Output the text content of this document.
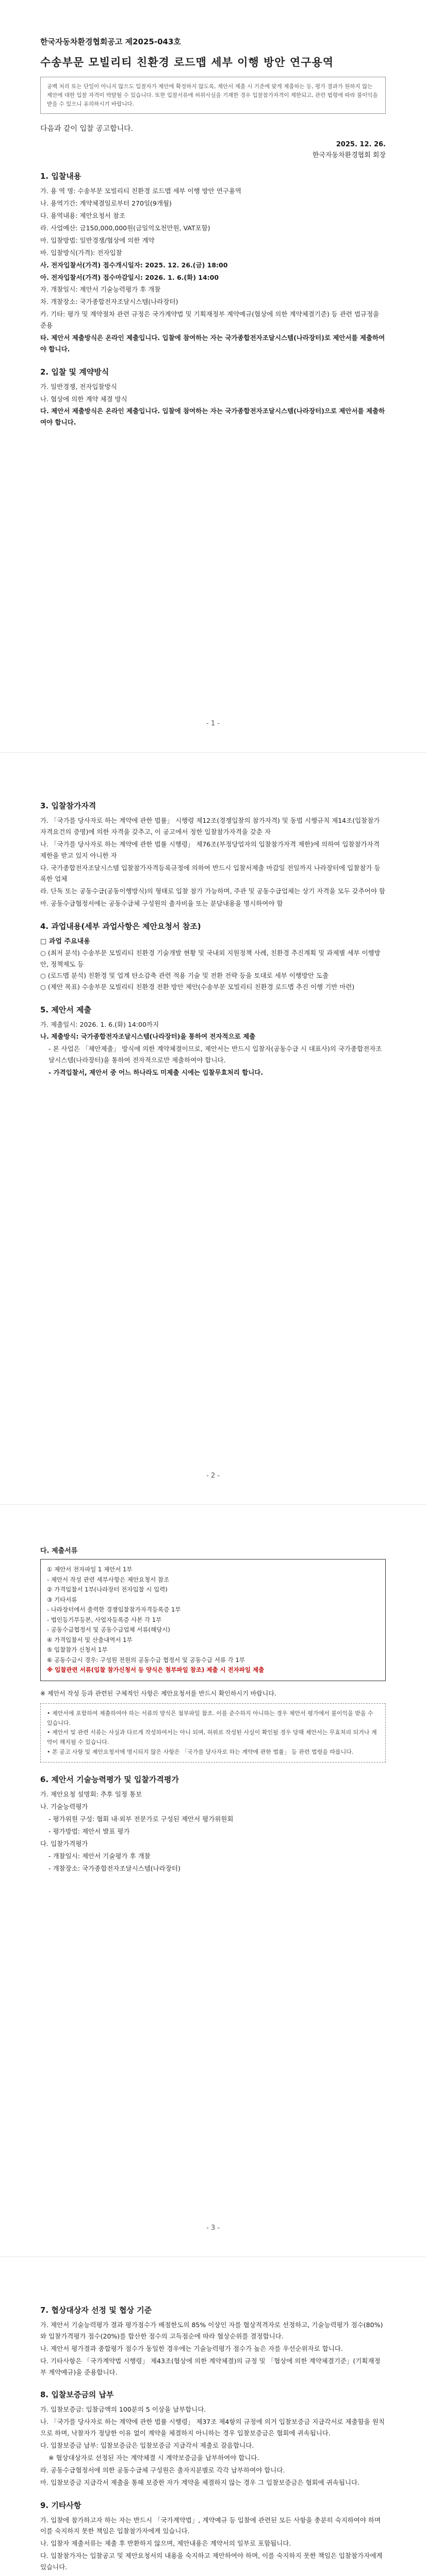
한국자동차환경협회공고 제2025-043호
수송부문 모빌리티 친환경 로드맵 세부 이행 방안 연구용역
공백 처리 또는 단일이 아니지 않으도 입찰자가 제안에 확정하지 않도록, 제안서 제출 시 기준에 맞게 제출하는 등, 평가 결과가 원하지 않는 제안에 대한 입찰 자격이 박탈될 수 있습니다. 또한 입찰서류에 허위사실을 기재한 경우 입찰참가자격이 제한되고, 관련 법령에 따라 불이익을 받을 수 있으니 유의하시기 바랍니다.
다음과 같이 입찰 공고합니다.
2025. 12. 26.
한국자동차환경협회 회장
1. 입찰내용
가. 용 역 명: 수송부문 모빌리티 친환경 로드맵 세부 이행 방안 연구용역
나. 용역기간: 계약체결일로부터 270일(9개월)
다. 용역내용: 제안요청서 참조
라. 사업예산: 금150,000,000원(금일억오천만원, VAT포함)
마. 입찰방법: 일반경쟁/협상에 의한 계약
바. 입찰방식(가격): 전자입찰
사. 전자입찰서(가격) 접수개시일자: 2025. 12. 26.(금) 18:00
아. 전자입찰서(가격) 접수마감일시: 2026. 1. 6.(화) 14:00
자. 개찰일시: 제안서 기술능력평가 후 개찰
차. 개찰장소: 국가종합전자조달시스템(나라장터)
카. 기타: 평가 및 계약절차 관련 규정은 국가계약법 및 기획재정부 계약예규(협상에 의한 계약체결기준) 등 관련 법규정을 준용
타. 제안서 제출방식은 온라인 제출입니다. 입찰에 참여하는 자는 국가종합전자조달시스템(나라장터)로 제안서를 제출하여야 합니다.
2. 입찰 및 계약방식
가. 일반경쟁, 전자입찰방식
나. 협상에 의한 계약 체결 방식
다. 제안서 제출방식은 온라인 제출입니다. 입찰에 참여하는 자는 국가종합전자조달시스템(나라장터)으로 제안서를 제출하여야 합니다.
- 1 -
3. 입찰참가자격
가. 「국가를 당사자로 하는 계약에 관한 법률」 시행령 제12조(경쟁입찰의 참가자격) 및 동법 시행규칙 제14조(입찰참가자격요건의 증명)에 의한 자격을 갖추고, 이 공고에서 정한 입찰참가자격을 갖춘 자
나. 「국가를 당사자로 하는 계약에 관한 법률 시행령」 제76조(부정당업자의 입찰참가자격 제한)에 의하여 입찰참가자격 제한을 받고 있지 아니한 자
다. 국가종합전자조달시스템 입찰참가자격등록규정에 의하여 반드시 입찰서제출 마감일 전일까지 나라장터에 입찰참가 등록한 업체
라. 단독 또는 공동수급(공동이행방식)의 형태로 입찰 참가 가능하며, 주관 및 공동수급업체는 상기 자격을 모두 갖추어야 함
마. 공동수급협정서에는 공동수급체 구성원의 출자비율 또는 분담내용을 명시하여야 함
4. 과업내용(세부 과업사항은 제안요청서 참조)
□ 과업 주요내용
○ (최저 분석) 수송부문 모빌리티 친환경 기술개발 현황 및 국내외 지원정책 사례, 친환경 추진계획 및 과제별 세부 이행방안, 정책제도 등
○ (로드맵 분석) 친환경 및 업계 탄소감축 관련 적용 기술 및 전환 전략 등을 토대로 세부 이행방안 도출
○ (제안 목표) 수송부문 모빌리티 친환경 전환 방안 제안(수송부문 모빌리티 친환경 로드맵 추진 이행 기반 마련)
5. 제안서 제출
가. 제출일시: 2026. 1. 6.(화) 14:00까지
나. 제출방식: 국가종합전자조달시스템(나라장터)을 통하여 전자적으로 제출
- 본 사업은 「제안제출」 방식에 의한 계약체결이므로, 제안서는 반드시 입찰자(공동수급 시 대표사)의 국가종합전자조달시스템(나라장터)을 통하여 전자적으로만 제출하여야 합니다.
- 가격입찰서, 제안서 중 어느 하나라도 미제출 시에는 입찰무효처리 합니다.
- 2 -
다. 제출서류
① 제안서 전자파일 1 제안서 1부
- 제안서 작성 관련 세부사항은 제안요청서 참조
② 가격입찰서 1부(나라장터 전자입찰 시 입력)
③ 기타서류
- 나라장터에서 출력한 경쟁입찰참가자격등록증 1부
- 법인등기부등본, 사업자등록증 사본 각 1부
- 공동수급협정서 및 공동수급업체 서류(해당시)
④ 가격입찰서 및 산출내역서 1부
⑤ 입찰참가 신청서 1부
⑥ 공동수급시 경우: 구성원 전원의 공동수급 협정서 및 공동수급 서류 각 1부
※ 입찰관련 서류(입찰 참가신청서 등 양식은 첨부파일 참조) 제출 시 전자파일 제출
※ 제안서 작성 등과 관련된 구체적인 사항은 제안요청서를 반드시 확인하시기 바랍니다.
• 제안서에 포함하여 제출하여야 하는 서류의 양식은 첨부파일 참조. 이를 준수하지 아니하는 경우 제안서 평가에서 불이익을 받을 수 있습니다.
• 제안서 및 관련 서류는 사실과 다르게 작성하여서는 아니 되며, 허위로 작성된 사실이 확인될 경우 당해 제안서는 무효처리 되거나 계약이 해지될 수 있습니다.
• 본 공고 사항 및 제안요청서에 명시되지 않은 사항은 「국가를 당사자로 하는 계약에 관한 법률」 등 관련 법령을 따릅니다.
6. 제안서 기술능력평가 및 입찰가격평가
가. 제안요청 설명회: 추후 일정 통보
나. 기술능력평가
- 평가위원 구성: 협회 내·외부 전문가로 구성된 제안서 평가위원회
- 평가방법: 제안서 발표 평가
다. 입찰가격평가
- 개찰일시: 제안서 기술평가 후 개찰
- 개찰장소: 국가종합전자조달시스템(나라장터)
- 3 -
7. 협상대상자 선정 및 협상 기준
가. 제안서 기술능력평가 결과 평가점수가 배점한도의 85% 이상인 자를 협상적격자로 선정하고, 기술능력평가 점수(80%)와 입찰가격평가 점수(20%)를 합산한 점수의 고득점순에 따라 협상순위를 결정합니다.
나. 제안서 평가결과 종합평가 점수가 동일한 경우에는 기술능력평가 점수가 높은 자를 우선순위자로 합니다.
다. 기타사항은 「국가계약법 시행령」 제43조(협상에 의한 계약체결)의 규정 및 「협상에 의한 계약체결기준」(기획재정부 계약예규)을 준용합니다.
8. 입찰보증금의 납부
가. 입찰보증금: 입찰금액의 100분의 5 이상을 납부합니다.
나. 「국가를 당사자로 하는 계약에 관한 법률 시행령」 제37조 제4항의 규정에 의거 입찰보증금 지급각서로 제출함을 원칙으로 하며, 낙찰자가 정당한 이유 없이 계약을 체결하지 아니하는 경우 입찰보증금은 협회에 귀속됩니다.
다. 입찰보증금 납부: 입찰보증금은 입찰보증금 지급각서 제출로 갈음합니다.
※ 협상대상자로 선정된 자는 계약체결 시 계약보증금을 납부하여야 합니다.
라. 공동수급협정서에 의한 공동수급체 구성원은 출자지분별로 각각 납부하여야 합니다.
마. 입찰보증금 지급각서 제출을 통해 보증한 자가 계약을 체결하지 않는 경우 그 입찰보증금은 협회에 귀속됩니다.
9. 기타사항
가. 입찰에 참가하고자 하는 자는 반드시 「국가계약법」, 계약예규 등 입찰에 관련된 모든 사항을 충분히 숙지하여야 하며 이를 숙지하지 못한 책임은 입찰참가자에게 있습니다.
나. 입찰자 제출서류는 제출 후 반환하지 않으며, 제안내용은 계약서의 일부로 포함됩니다.
다. 입찰참가자는 입찰공고 및 제안요청서의 내용을 숙지하고 제안하여야 하며, 이를 숙지하지 못한 책임은 입찰참가자에게 있습니다.
